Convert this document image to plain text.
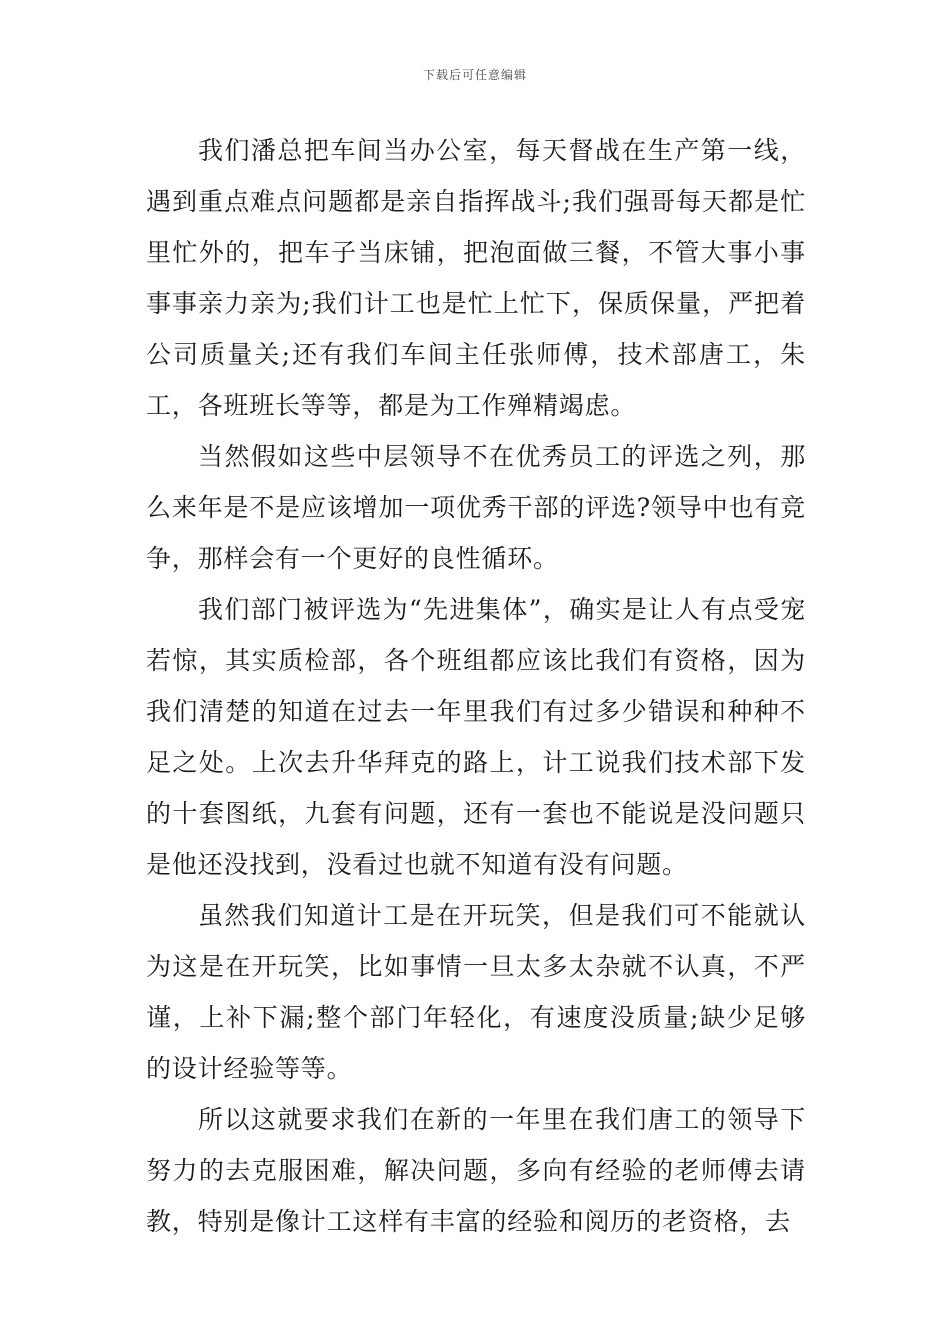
下载后可任意编辑

我们潘总把车间当办公室，每天督战在生产第一线，遇到重点难点问题都是亲自指挥战斗;我们强哥每天都是忙里忙外的，把车子当床铺，把泡面做三餐，不管大事小事事事亲力亲为;我们计工也是忙上忙下，保质保量，严把着公司质量关;还有我们车间主任张师傅，技术部唐工，朱工，各班班长等等，都是为工作殚精竭虑。

当然假如这些中层领导不在优秀员工的评选之列，那么来年是不是应该增加一项优秀干部的评选?领导中也有竞争，那样会有一个更好的良性循环。

我们部门被评选为“先进集体”，确实是让人有点受宠若惊，其实质检部，各个班组都应该比我们有资格，因为我们清楚的知道在过去一年里我们有过多少错误和种种不足之处。上次去升华拜克的路上，计工说我们技术部下发的十套图纸，九套有问题，还有一套也不能说是没问题只是他还没找到，没看过也就不知道有没有问题。

虽然我们知道计工是在开玩笑，但是我们可不能就认为这是在开玩笑，比如事情一旦太多太杂就不认真，不严谨，上补下漏;整个部门年轻化，有速度没质量;缺少足够的设计经验等等。

所以这就要求我们在新的一年里在我们唐工的领导下努力的去克服困难，解决问题，多向有经验的老师傅去请教，特别是像计工这样有丰富的经验和阅历的老资格，去
